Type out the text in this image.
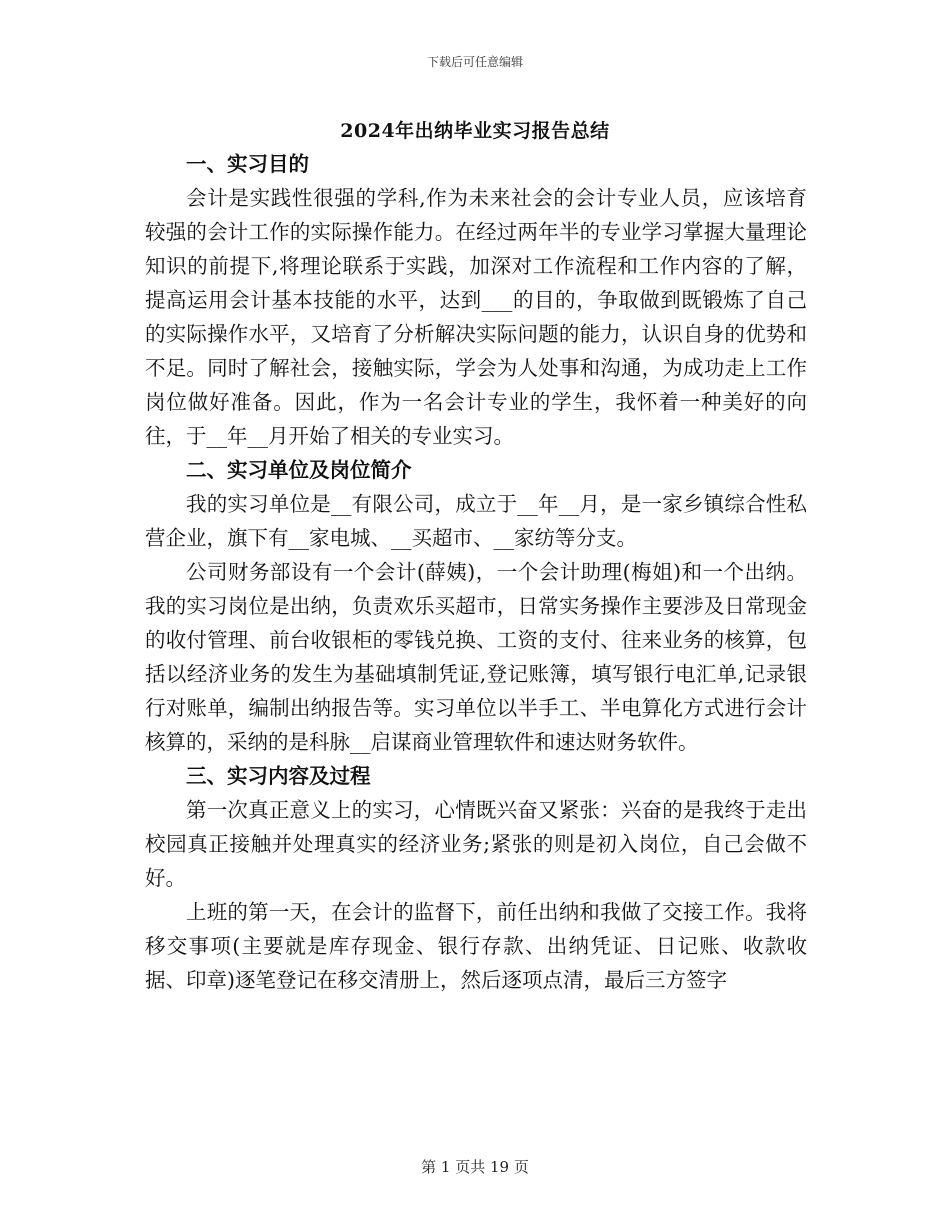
下载后可任意编辑
2024年出纳毕业实习报告总结
一、实习目的

会计是实践性很强的学科,作为未来社会的会计专业人员，应该培育较强的会计工作的实际操作能力。在经过两年半的专业学习掌握大量理论知识的前提下,将理论联系于实践，加深对工作流程和工作内容的了解，提高运用会计基本技能的水平，达到___的目的，争取做到既锻炼了自己的实际操作水平，又培育了分析解决实际问题的能力，认识自身的优势和不足。同时了解社会，接触实际，学会为人处事和沟通，为成功走上工作岗位做好准备。因此，作为一名会计专业的学生，我怀着一种美好的向往，于__年__月开始了相关的专业实习。

二、实习单位及岗位简介

我的实习单位是__有限公司，成立于__年__月，是一家乡镇综合性私营企业，旗下有__家电城、__买超市、__家纺等分支。

公司财务部设有一个会计(薛姨)，一个会计助理(梅姐)和一个出纳。我的实习岗位是出纳，负责欢乐买超市，日常实务操作主要涉及日常现金的收付管理、前台收银柜的零钱兑换、工资的支付、往来业务的核算，包括以经济业务的发生为基础填制凭证,登记账簿，填写银行电汇单,记录银行对账单，编制出纳报告等。实习单位以半手工、半电算化方式进行会计核算的，采纳的是科脉__启谋商业管理软件和速达财务软件。

三、实习内容及过程

第一次真正意义上的实习，心情既兴奋又紧张：兴奋的是我终于走出校园真正接触并处理真实的经济业务;紧张的则是初入岗位，自己会做不好。

上班的第一天，在会计的监督下，前任出纳和我做了交接工作。我将移交事项(主要就是库存现金、银行存款、出纳凭证、日记账、收款收据、印章)逐笔登记在移交清册上，然后逐项点清，最后三方签字

第 1 页共 19 页
